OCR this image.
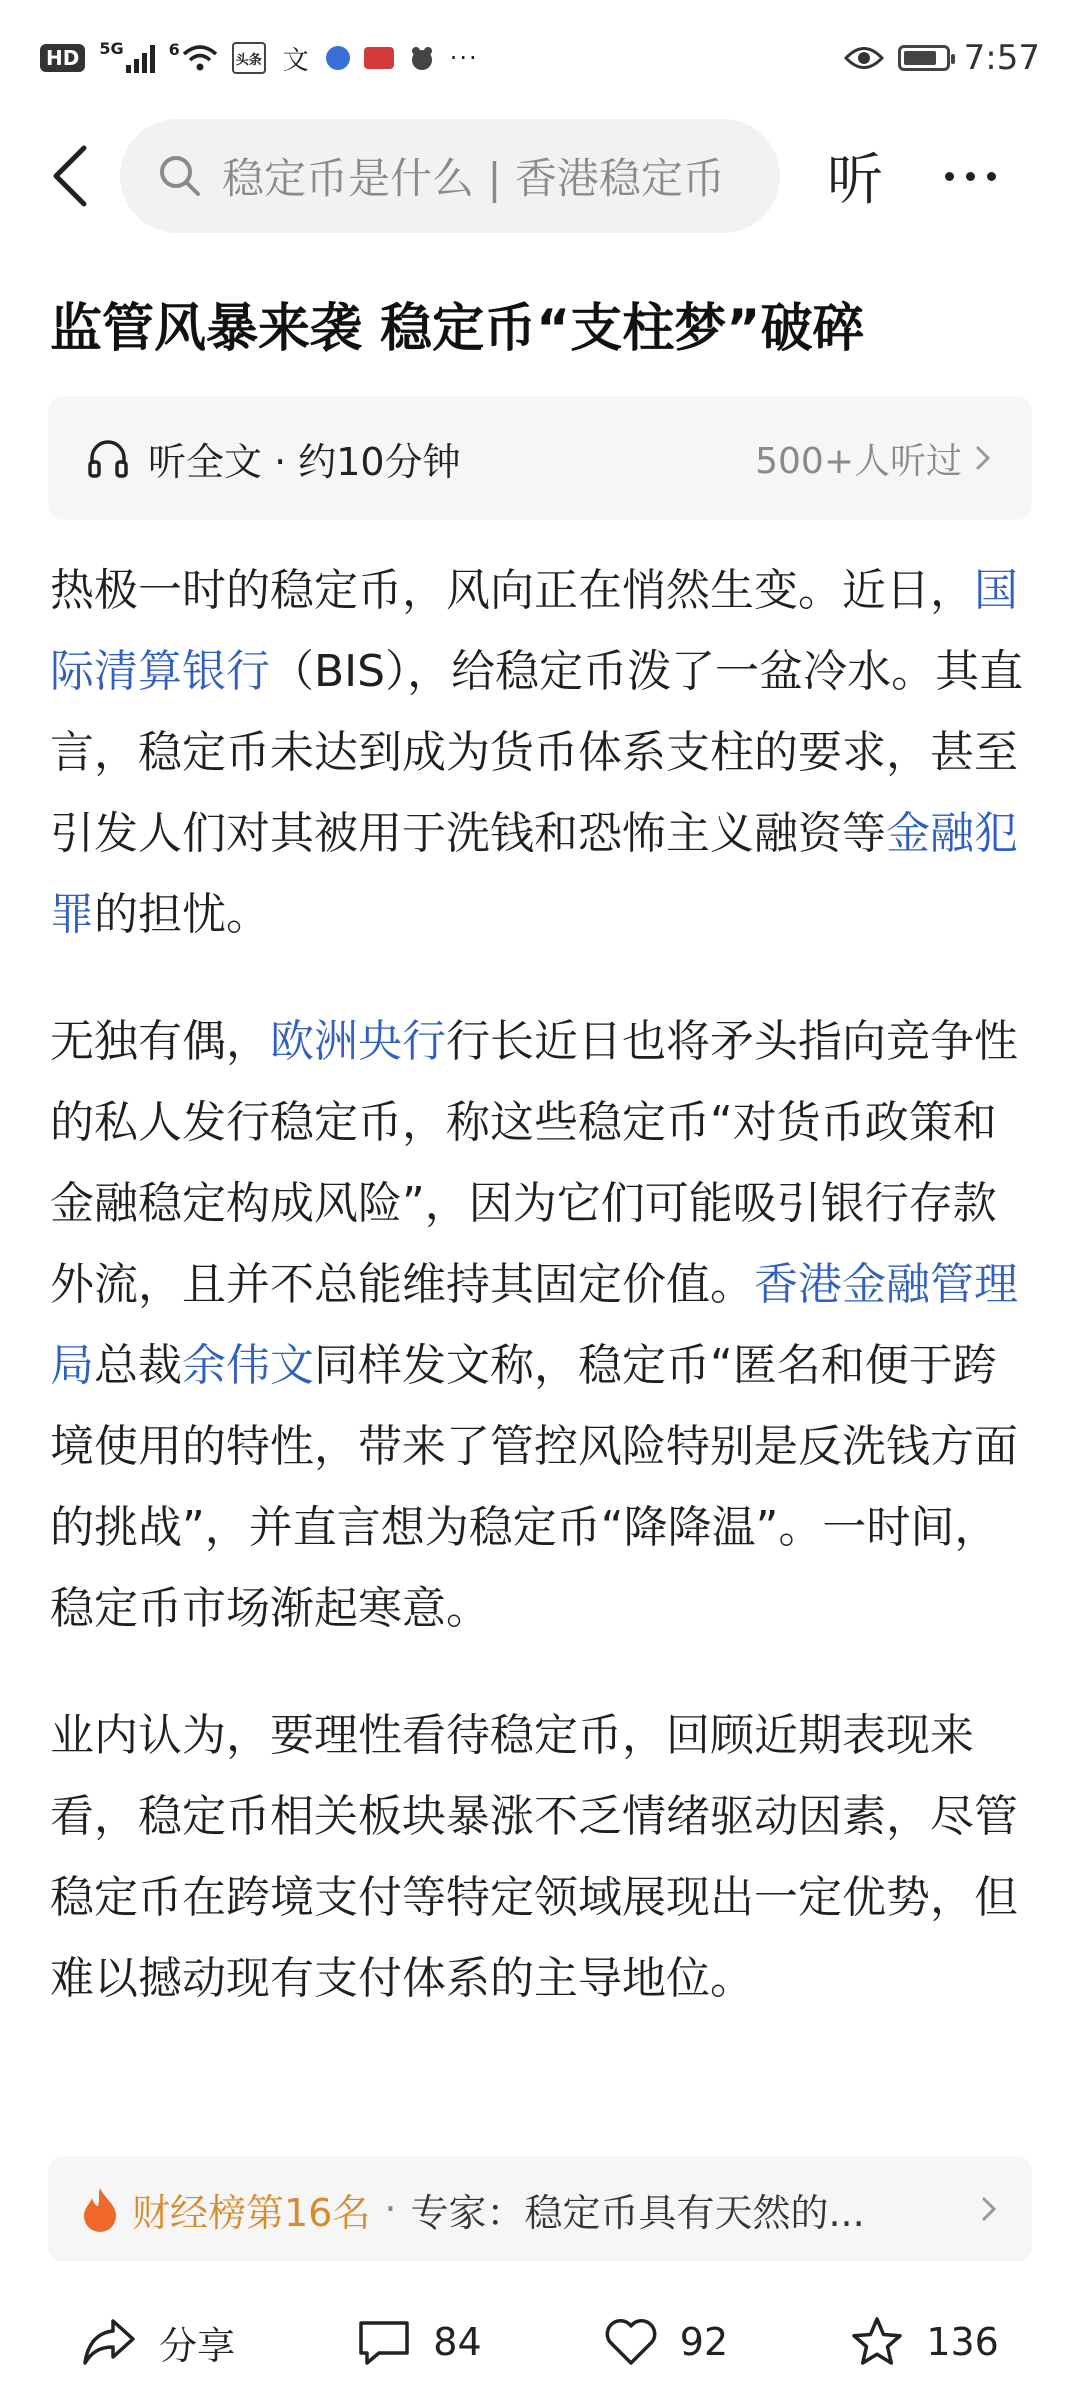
HD	5G	6
头条 文	···	7:57
稳定币是什么 | 香港稳定币	听
监管风暴来袭 稳定币“支柱梦”破碎
听全文 · 约10分钟	500+人听过

热极一时的稳定币，风向正在悄然生变。近日，国际清算银行（BIS），给稳定币泼了一盆冷水。其直言，稳定币未达到成为货币体系支柱的要求，甚至引发人们对其被用于洗钱和恐怖主义融资等金融犯罪的担忧。

无独有偶，欧洲央行行长近日也将矛头指向竞争性的私人发行稳定币，称这些稳定币“对货币政策和金融稳定构成风险”，因为它们可能吸引银行存款外流，且并不总能维持其固定价值。香港金融管理局总裁余伟文同样发文称，稳定币“匿名和便于跨境使用的特性，带来了管控风险特别是反洗钱方面的挑战”，并直言想为稳定币“降降温”。一时间，稳定币市场渐起寒意。

业内认为，要理性看待稳定币，回顾近期表现来看，稳定币相关板块暴涨不乏情绪驱动因素，尽管稳定币在跨境支付等特定领域展现出一定优势，但难以撼动现有支付体系的主导地位。

财经榜第16名 · 专家：稳定币具有天然的...
分享	84	92	136
